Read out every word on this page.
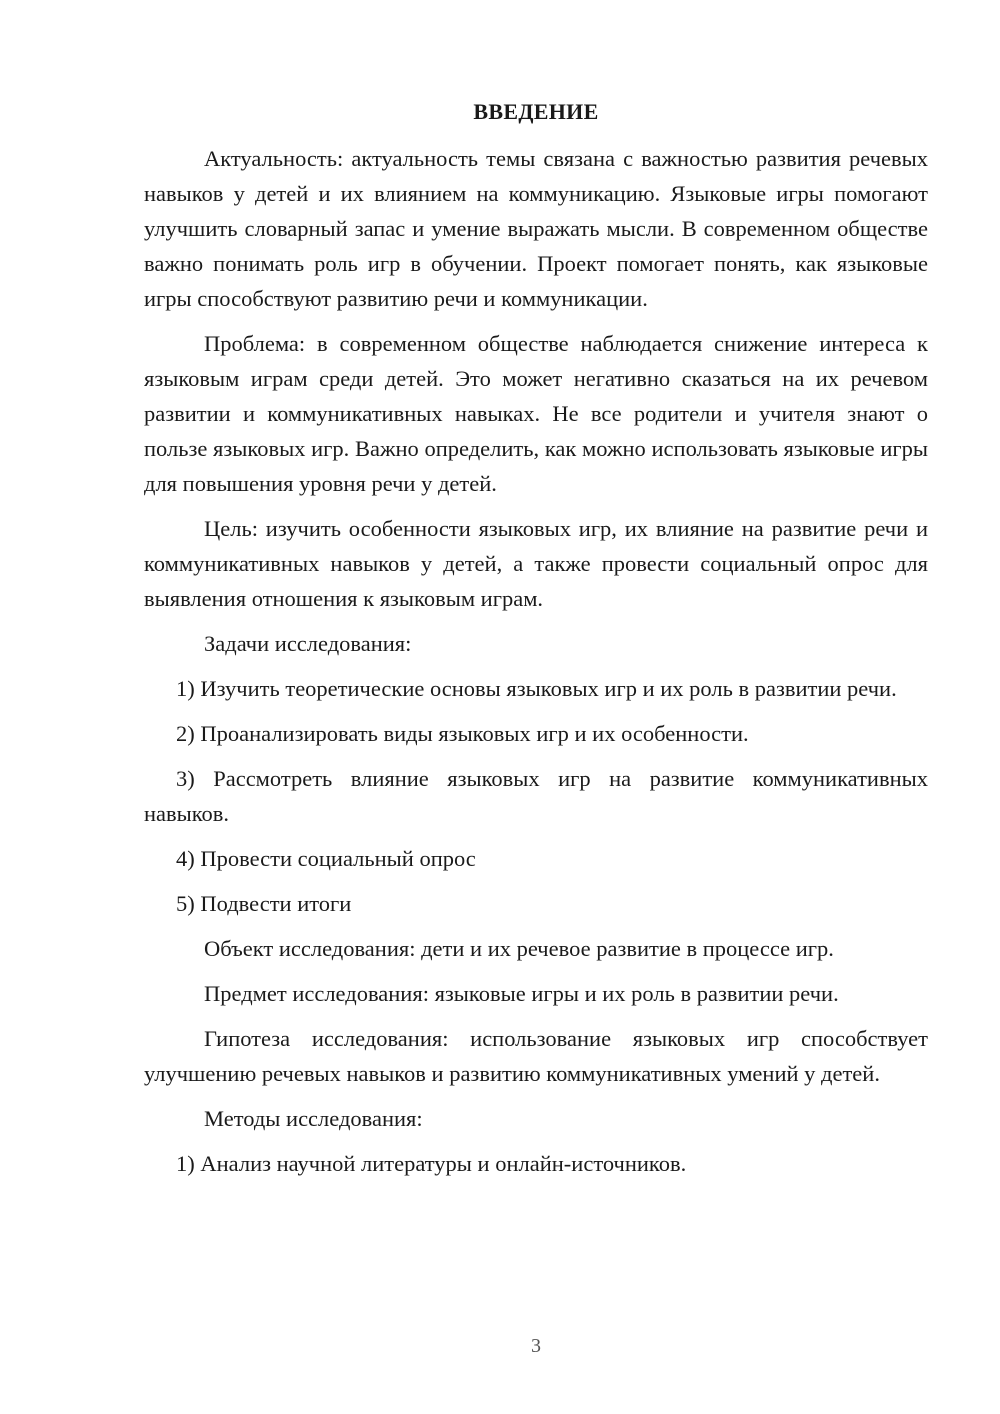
ВВЕДЕНИЕ

Актуальность: актуальность темы связана с важностью развития речевых навыков у детей и их влиянием на коммуникацию. Языковые игры помогают улучшить словарный запас и умение выражать мысли. В современном обществе важно понимать роль игр в обучении. Проект помогает понять, как языковые игры способствуют развитию речи и коммуникации.

Проблема: в современном обществе наблюдается снижение интереса к языковым играм среди детей. Это может негативно сказаться на их речевом развитии и коммуникативных навыках. Не все родители и учителя знают о пользе языковых игр. Важно определить, как можно использовать языковые игры для повышения уровня речи у детей.

Цель: изучить особенности языковых игр, их влияние на развитие речи и коммуникативных навыков у детей, а также провести социальный опрос для выявления отношения к языковым играм.

Задачи исследования:

1) Изучить теоретические основы языковых игр и их роль в развитии речи.

2) Проанализировать виды языковых игр и их особенности.

3) Рассмотреть влияние языковых игр на развитие коммуникативных навыков.

4) Провести социальный опрос

5) Подвести итоги

Объект исследования: дети и их речевое развитие в процессе игр.

Предмет исследования: языковые игры и их роль в развитии речи.

Гипотеза исследования: использование языковых игр способствует улучшению речевых навыков и развитию коммуникативных умений у детей.

Методы исследования:

1) Анализ научной литературы и онлайн-источников.

3
